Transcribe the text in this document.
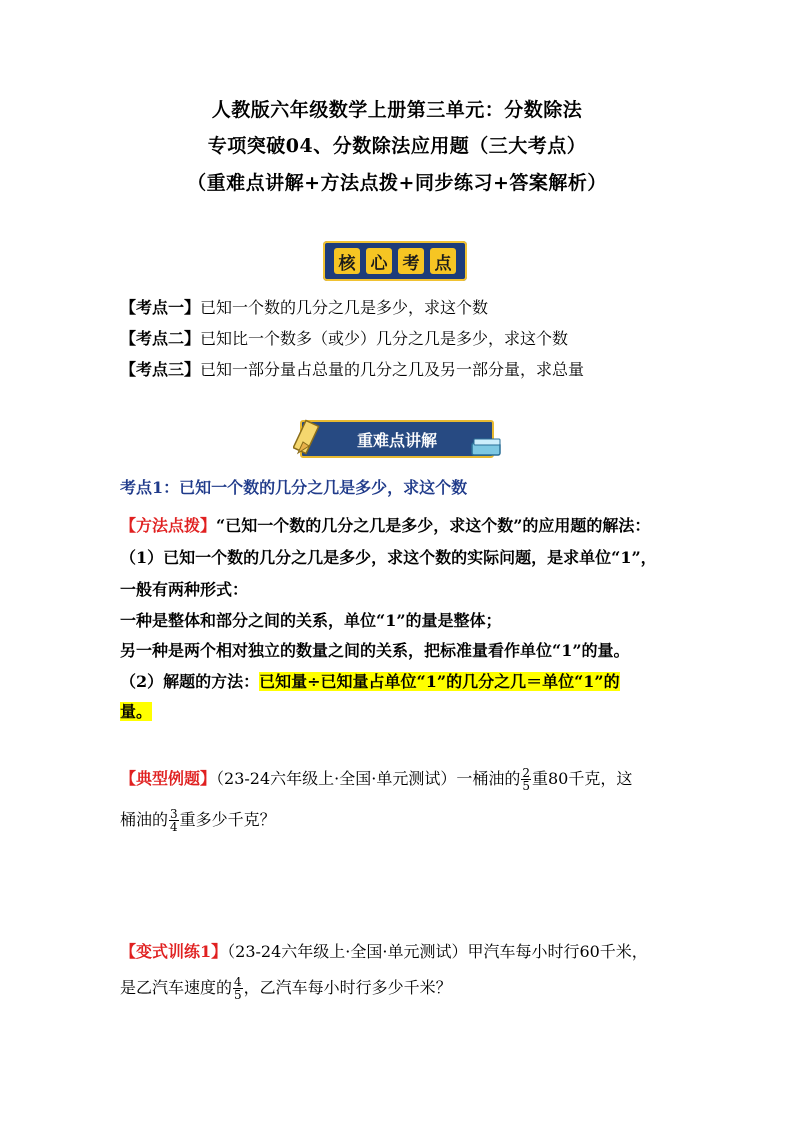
人教版六年级数学上册第三单元：分数除法
专项突破04、分数除法应用题（三大考点）
（重难点讲解+方法点拨+同步练习+答案解析）
核 心 考 点
【考点一】已知一个数的几分之几是多少，求这个数
【考点二】已知比一个数多（或少）几分之几是多少，求这个数
【考点三】已知一部分量占总量的几分之几及另一部分量，求总量
重难点讲解
考点1：已知一个数的几分之几是多少，求这个数
【方法点拨】“已知一个数的几分之几是多少，求这个数”的应用题的解法：
（1）已知一个数的几分之几是多少，求这个数的实际问题，是求单位“1”，
一般有两种形式：
一种是整体和部分之间的关系，单位“1”的量是整体；
另一种是两个相对独立的数量之间的关系，把标准量看作单位“1”的量。
（2）解题的方法：已知量÷已知量占单位“1”的几分之几＝单位“1”的
量。
【典型例题】（23-24六年级上·全国·单元测试）一桶油的 $\frac{2}{5}$ 重80千克，这
桶油的 $\frac{3}{4}$ 重多少千克？
【变式训练1】（23-24六年级上·全国·单元测试）甲汽车每小时行60千米，
是乙汽车速度的 $\frac{4}{5}$ ，乙汽车每小时行多少千米？
